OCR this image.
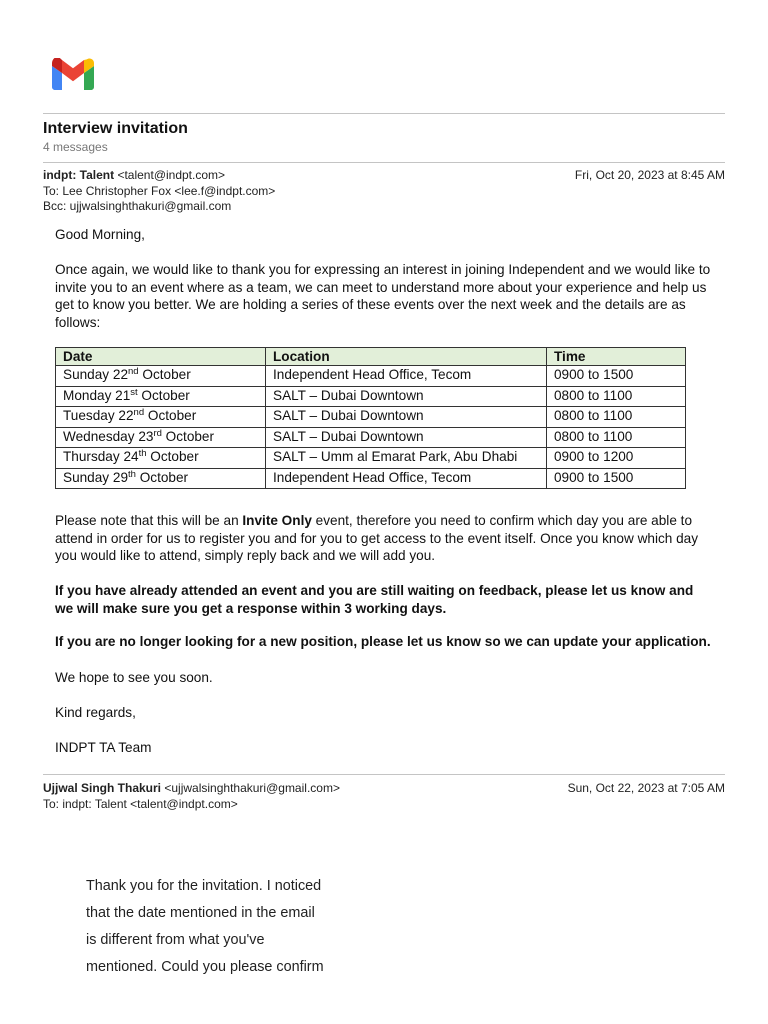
Interview invitation
4 messages
indpt: Talent <talent@indpt.com>
To: Lee Christopher Fox <lee.f@indpt.com>
Bcc: ujjwalsinghthakuri@gmail.com
Fri, Oct 20, 2023 at 8:45 AM
Good Morning,
Once again, we would like to thank you for expressing an interest in joining Independent and we would like to invite you to an event where as a team, we can meet to understand more about your experience and help us get to know you better. We are holding a series of these events over the next week and the details are as follows:
Date	Location	Time
Sunday 22nd October	Independent Head Office, Tecom	0900 to 1500
Monday 21st October	SALT – Dubai Downtown	0800 to 1100
Tuesday 22nd October	SALT – Dubai Downtown	0800 to 1100
Wednesday 23rd October	SALT – Dubai Downtown	0800 to 1100
Thursday 24th October	SALT – Umm al Emarat Park, Abu Dhabi	0900 to 1200
Sunday 29th October	Independent Head Office, Tecom	0900 to 1500
Please note that this will be an Invite Only event, therefore you need to confirm which day you are able to attend in order for us to register you and for you to get access to the event itself. Once you know which day you would like to attend, simply reply back and we will add you.
If you have already attended an event and you are still waiting on feedback, please let us know and we will make sure you get a response within 3 working days.
If you are no longer looking for a new position, please let us know so we can update your application.
We hope to see you soon.
Kind regards,
INDPT TA Team
Ujjwal Singh Thakuri <ujjwalsinghthakuri@gmail.com>
To: indpt: Talent <talent@indpt.com>
Sun, Oct 22, 2023 at 7:05 AM
Thank you for the invitation. I noticed
that the date mentioned in the email
is different from what you've
mentioned. Could you please confirm
